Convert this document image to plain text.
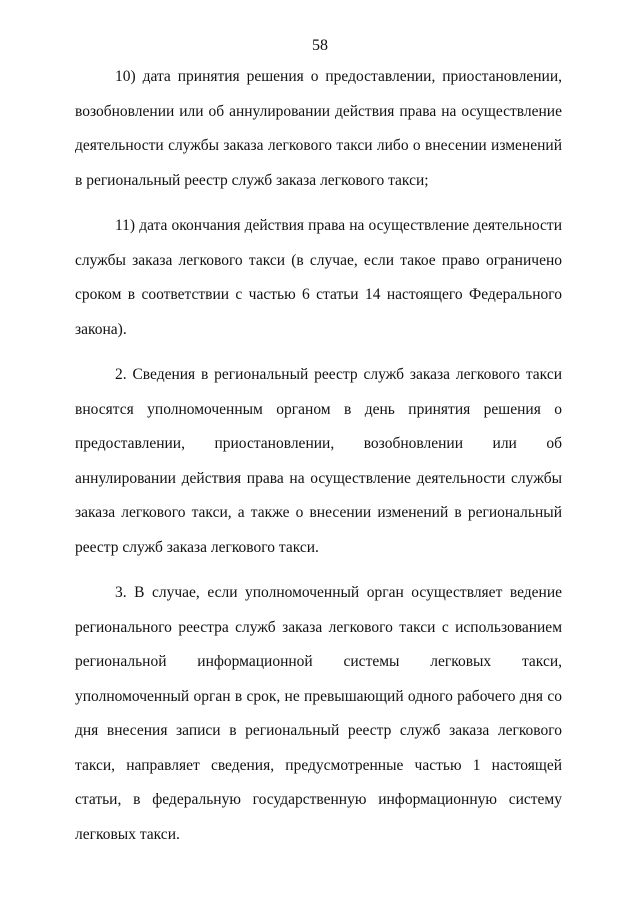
58

10) дата принятия решения о предоставлении, приостановлении, возобновлении или об аннулировании действия права на осуществление деятельности службы заказа легкового такси либо о внесении изменений в региональный реестр служб заказа легкового такси;

11) дата окончания действия права на осуществление деятельности службы заказа легкового такси (в случае, если такое право ограничено сроком в соответствии с частью 6 статьи 14 настоящего Федерального закона).

2. Сведения в региональный реестр служб заказа легкового такси вносятся уполномоченным органом в день принятия решения о предоставлении, приостановлении, возобновлении или об аннулировании действия права на осуществление деятельности службы заказа легкового такси, а также о внесении изменений в региональный реестр служб заказа легкового такси.

3. В случае, если уполномоченный орган осуществляет ведение регионального реестра служб заказа легкового такси с использованием региональной информационной системы легковых такси, уполномоченный орган в срок, не превышающий одного рабочего дня со дня внесения записи в региональный реестр служб заказа легкового такси, направляет сведения, предусмотренные частью 1 настоящей статьи, в федеральную государственную информационную систему легковых такси.
